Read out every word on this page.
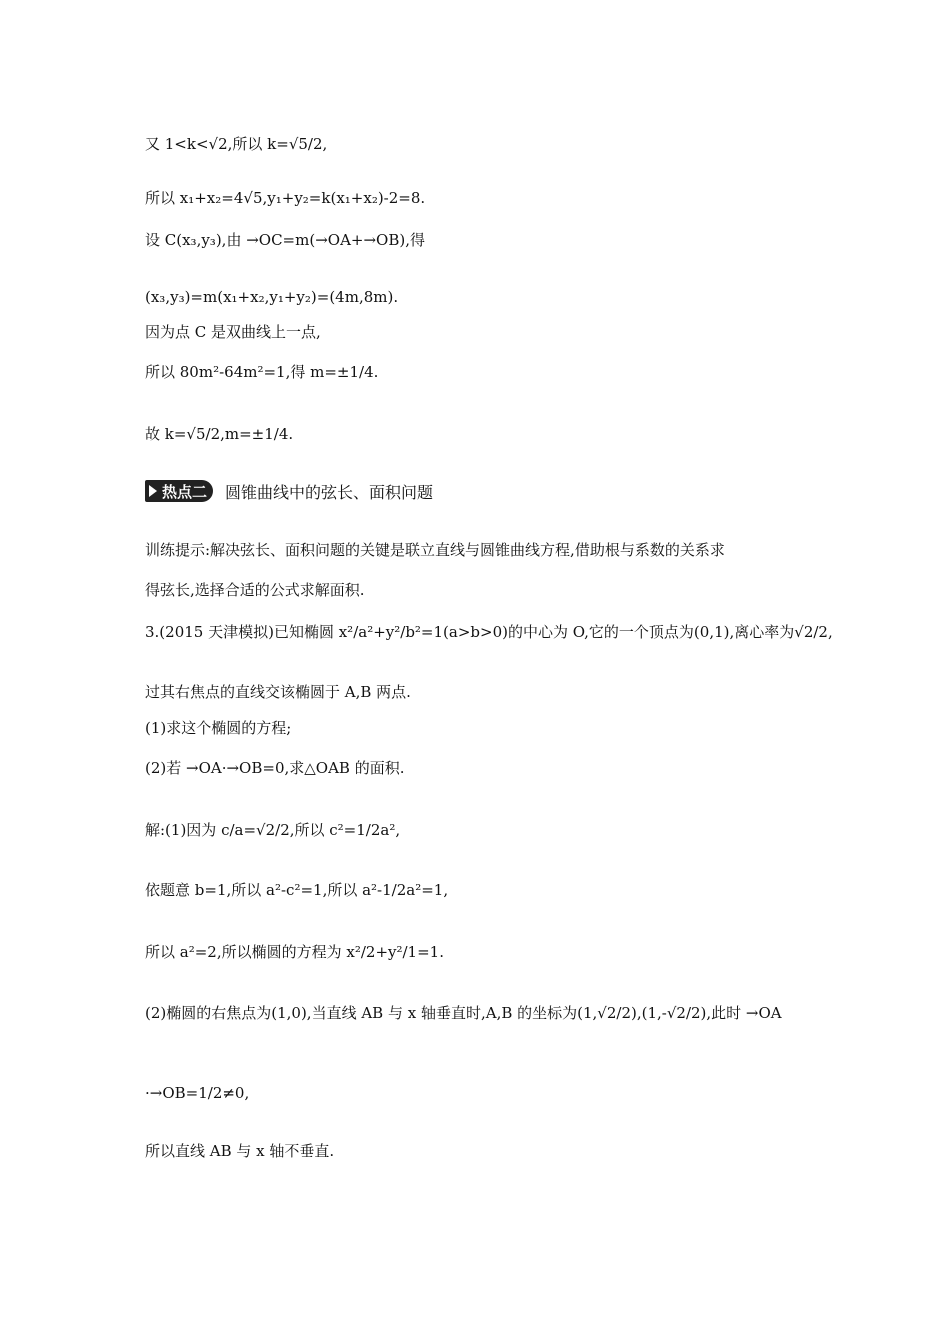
又 1<k<√2,所以 k=√5/2,
所以 x₁+x₂=4√5,y₁+y₂=k(x₁+x₂)-2=8.
设 C(x₃,y₃),由 →OC=m(→OA+→OB),得
(x₃,y₃)=m(x₁+x₂,y₁+y₂)=(4m,8m).
因为点 C 是双曲线上一点,
所以 80m²-64m²=1,得 m=±1/4.
故 k=√5/2,m=±1/4.
热点二 圆锥曲线中的弦长、面积问题
训练提示:解决弦长、面积问题的关键是联立直线与圆锥曲线方程,借助根与系数的关系求
得弦长,选择合适的公式求解面积.
3.(2015 天津模拟)已知椭圆 x²/a²+y²/b²=1(a>b>0)的中心为 O,它的一个顶点为(0,1),离心率为√2/2,
过其右焦点的直线交该椭圆于 A,B 两点.
(1)求这个椭圆的方程;
(2)若 →OA·→OB=0,求△OAB 的面积.
解:(1)因为 c/a=√2/2,所以 c²=1/2a²,
依题意 b=1,所以 a²-c²=1,所以 a²-1/2a²=1,
所以 a²=2,所以椭圆的方程为 x²/2+y²/1=1.
(2)椭圆的右焦点为(1,0),当直线 AB 与 x 轴垂直时,A,B 的坐标为(1,√2/2),(1,-√2/2),此时 →OA
·→OB=1/2≠0,
所以直线 AB 与 x 轴不垂直.
